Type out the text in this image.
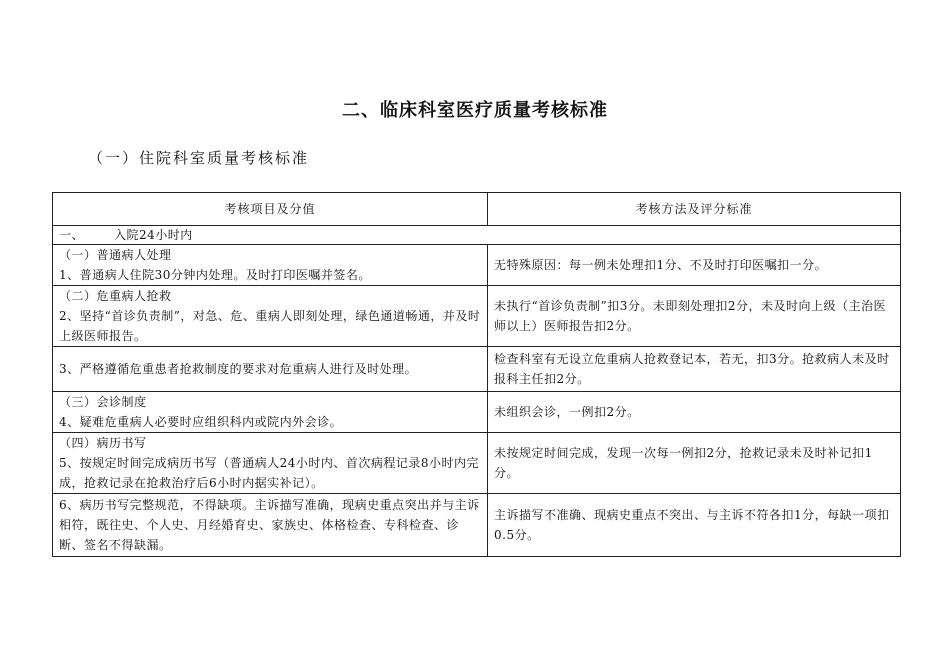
二、临床科室医疗质量考核标准
（一）住院科室质量考核标准
考核项目及分值	考核方法及评分标准
一、 入院24小时内	

（一）普通病人处理
1、普通病人住院30分钟内处理。及时打印医嘱并签名。	无特殊原因：每一例未处理扣1分、不及时打印医嘱扣一分。

（二）危重病人抢救
2、坚持“首诊负责制”，对急、危、重病人即刻处理，绿色通道畅通，并及时上级医师报告。	未执行“首诊负责制”扣3分。未即刻处理扣2分，未及时向上级（主治医师以上）医师报告扣2分。

3、严格遵循危重患者抢救制度的要求对危重病人进行及时处理。	检查科室有无设立危重病人抢救登记本，若无，扣3分。抢救病人未及时报科主任扣2分。

（三）会诊制度
4、疑难危重病人必要时应组织科内或院内外会诊。	未组织会诊，一例扣2分。

（四）病历书写
5、按规定时间完成病历书写（普通病人24小时内、首次病程记录8小时内完成，抢救记录在抢救治疗后6小时内据实补记）。	未按规定时间完成，发现一次每一例扣2分，抢救记录未及时补记扣1分。

6、病历书写完整规范，不得缺项。主诉描写准确，现病史重点突出并与主诉相符，既往史、个人史、月经婚育史、家族史、体格检查、专科检查、诊断、签名不得缺漏。	主诉描写不准确、现病史重点不突出、与主诉不符各扣1分，每缺一项扣0.5分。
